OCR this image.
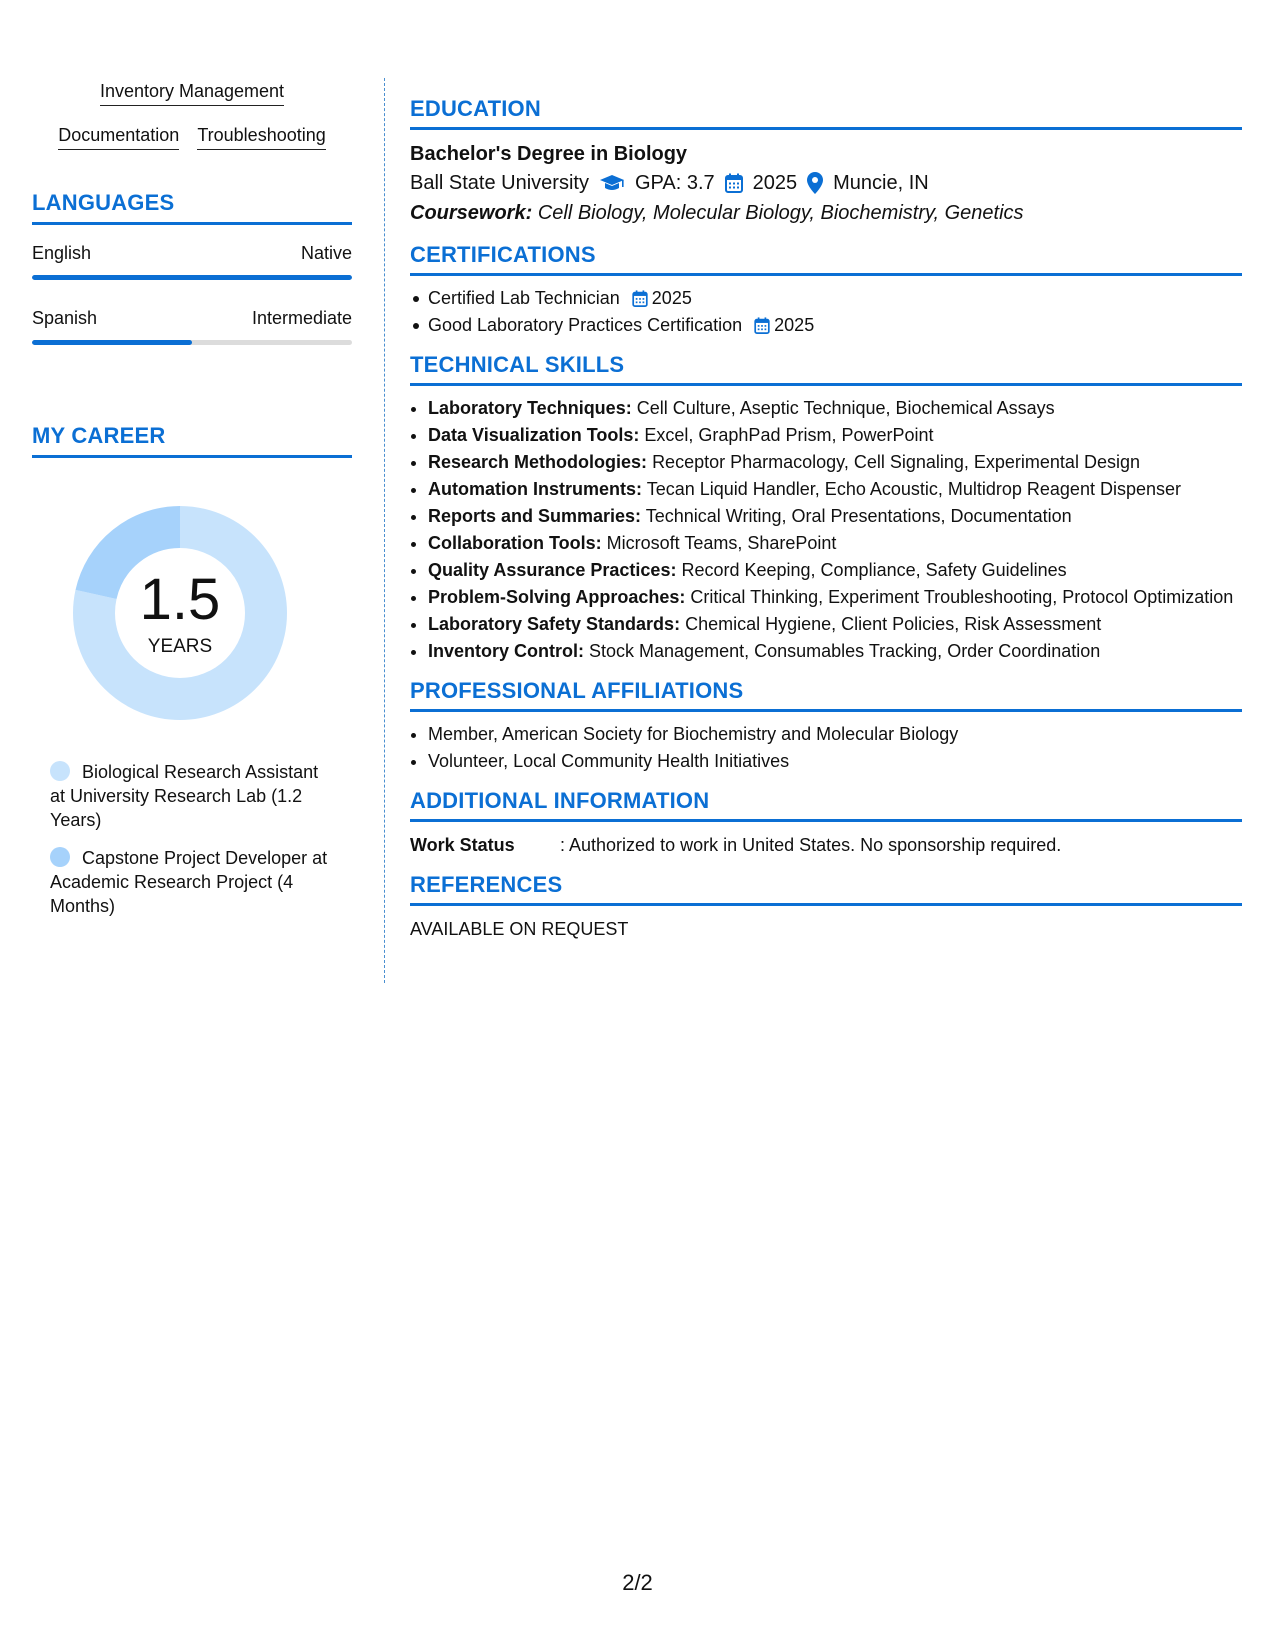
Inventory Management
Documentation Troubleshooting
LANGUAGES
English	Native
Spanish	Intermediate
MY CAREER
1.5
YEARS
Biological Research Assistant at University Research Lab (1.2 Years)
Capstone Project Developer at Academic Research Project (4 Months)
EDUCATION
Bachelor's Degree in Biology
Ball State University GPA: 3.7 2025 Muncie, IN
Coursework: Cell Biology, Molecular Biology, Biochemistry, Genetics
CERTIFICATIONS
Certified Lab Technician 2025
Good Laboratory Practices Certification 2025
TECHNICAL SKILLS
• Laboratory Techniques: Cell Culture, Aseptic Technique, Biochemical Assays
• Data Visualization Tools: Excel, GraphPad Prism, PowerPoint
• Research Methodologies: Receptor Pharmacology, Cell Signaling, Experimental Design
• Automation Instruments: Tecan Liquid Handler, Echo Acoustic, Multidrop Reagent Dispenser
• Reports and Summaries: Technical Writing, Oral Presentations, Documentation
• Collaboration Tools: Microsoft Teams, SharePoint
• Quality Assurance Practices: Record Keeping, Compliance, Safety Guidelines
• Problem-Solving Approaches: Critical Thinking, Experiment Troubleshooting, Protocol Optimization
• Laboratory Safety Standards: Chemical Hygiene, Client Policies, Risk Assessment
• Inventory Control: Stock Management, Consumables Tracking, Order Coordination
PROFESSIONAL AFFILIATIONS
• Member, American Society for Biochemistry and Molecular Biology
• Volunteer, Local Community Health Initiatives
ADDITIONAL INFORMATION
Work Status	: Authorized to work in United States. No sponsorship required.
REFERENCES
AVAILABLE ON REQUEST
2/2
